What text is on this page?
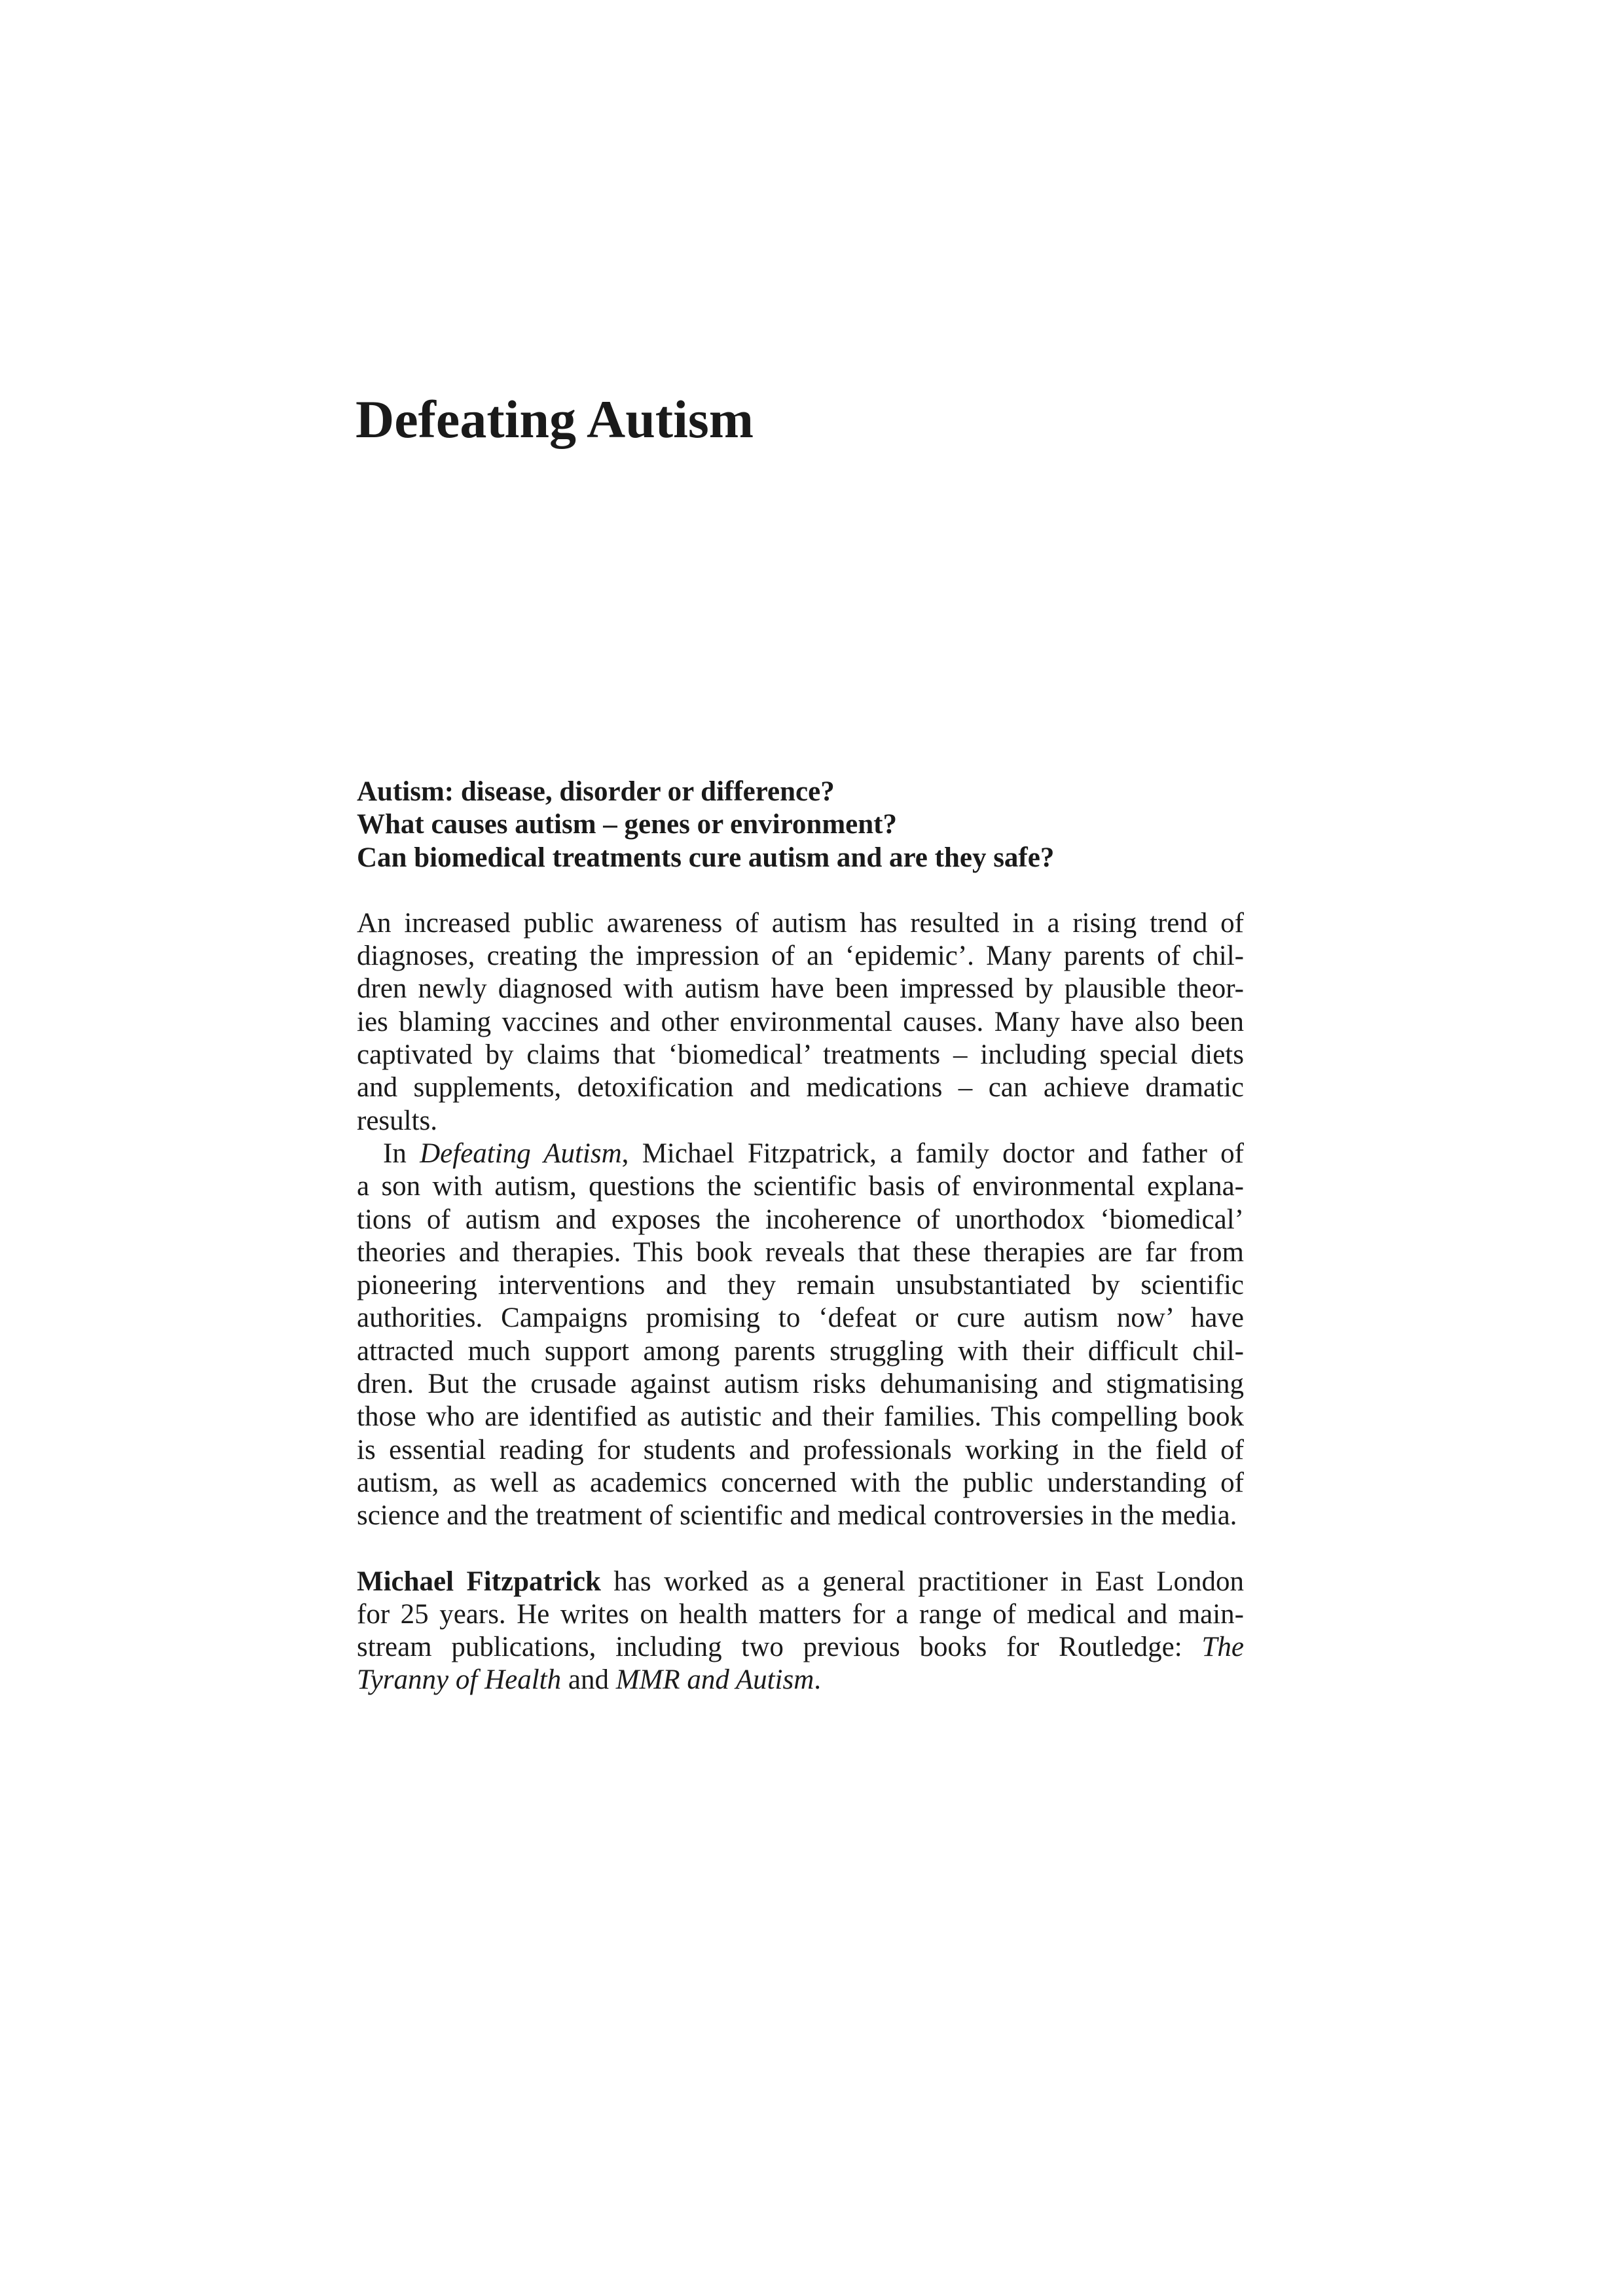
Defeating Autism
Autism: disease, disorder or difference?
What causes autism – genes or environment?
Can biomedical treatments cure autism and are they safe?
An increased public awareness of autism has resulted in a rising trend of
diagnoses, creating the impression of an ‘epidemic’. Many parents of chil-
dren newly diagnosed with autism have been impressed by plausible theor-
ies blaming vaccines and other environmental causes. Many have also been
captivated by claims that ‘biomedical’ treatments – including special diets
and supplements, detoxification and medications – can achieve dramatic
results.
In Defeating Autism, Michael Fitzpatrick, a family doctor and father of
a son with autism, questions the scientific basis of environmental explana-
tions of autism and exposes the incoherence of unorthodox ‘biomedical’
theories and therapies. This book reveals that these therapies are far from
pioneering interventions and they remain unsubstantiated by scientific
authorities. Campaigns promising to ‘defeat or cure autism now’ have
attracted much support among parents struggling with their difficult chil-
dren. But the crusade against autism risks dehumanising and stigmatising
those who are identified as autistic and their families. This compelling book
is essential reading for students and professionals working in the field of
autism, as well as academics concerned with the public understanding of
science and the treatment of scientific and medical controversies in the media.
Michael Fitzpatrick has worked as a general practitioner in East London
for 25 years. He writes on health matters for a range of medical and main-
stream publications, including two previous books for Routledge: The
Tyranny of Health and MMR and Autism.
